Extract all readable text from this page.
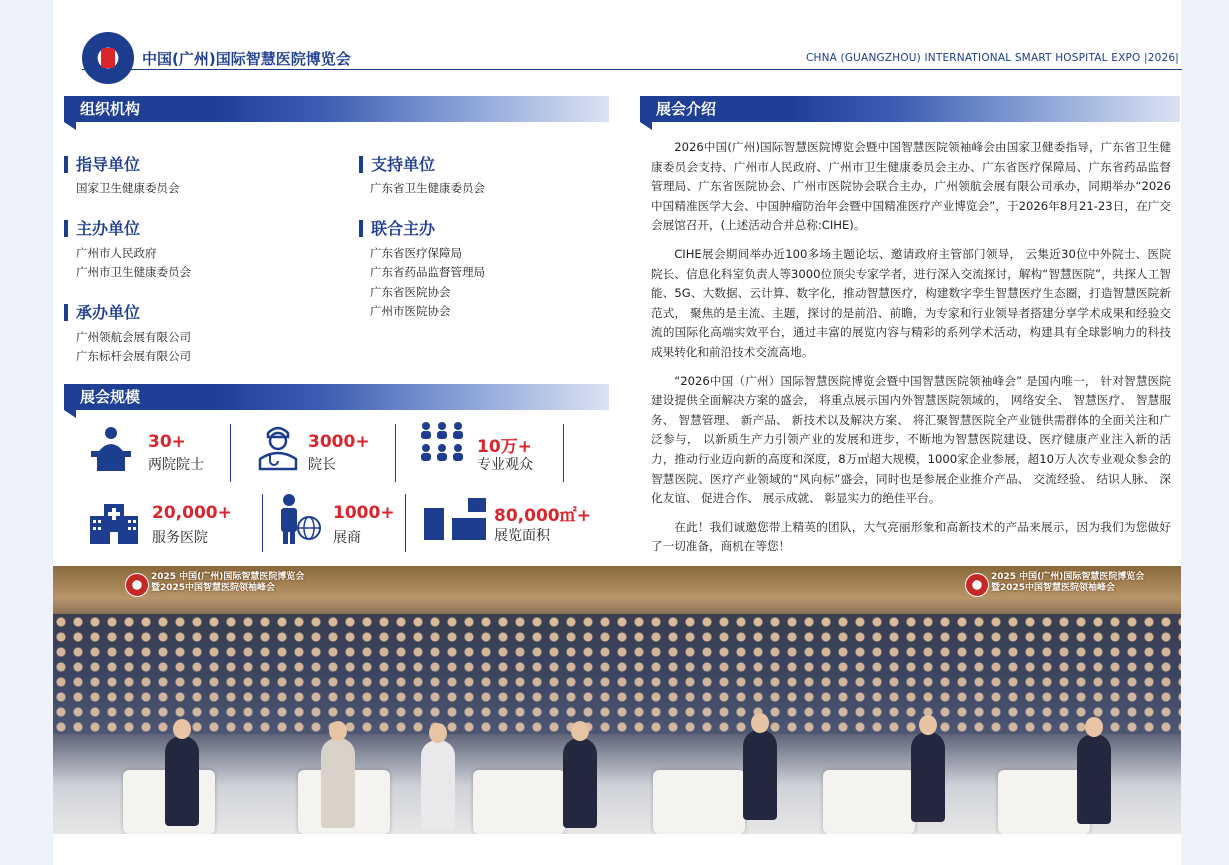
中国(广州)国际智慧医院博览会	CHNA (GUANGZHOU) INTERNATIONAL SMART HOSPITAL EXPO |2026|
组织机构
指导单位
国家卫生健康委员会
支持单位
广东省卫生健康委员会
主办单位
广州市人民政府
广州市卫生健康委员会
联合主办
广东省医疗保障局
广东省药品监督管理局
广东省医院协会
广州市医院协会
承办单位
广州领航会展有限公司
广东标杆会展有限公司
展会规模
30+
两院院士
3000+
院长
10万+
专业观众
20,000+
服务医院
1000+
展商
80,000㎡+
展览面积
展会介绍

2026中国(广州)国际智慧医院博览会暨中国智慧医院领袖峰会由国家卫健委指导，广东省卫生健康委员会支持、广州市人民政府、广州市卫生健康委员会主办、广东省医疗保障局、广东省药品监督管理局、广东省医院协会、广州市医院协会联合主办，广州领航会展有限公司承办，同期举办“2026中国精准医学大会、中国肿瘤防治年会暨中国精准医疗产业博览会”，于2026年8月21-23日，在广交会展馆召开，(上述活动合并总称:CIHE)。

CIHE展会期间举办近100多场主题论坛、邀请政府主管部门领导， 云集近30位中外院士、医院院长、信息化科室负责人等3000位顶尖专家学者，进行深入交流探讨，解构“智慧医院”，共探人工智能、5G、大数据、云计算、数字化，推动智慧医疗，构建数字孪生智慧医疗生态圈，打造智慧医院新范式， 聚焦的是主流、主题，探讨的是前沿、前瞻，为专家和行业领导者搭建分享学术成果和经验交流的国际化高端实效平台，通过丰富的展览内容与精彩的系列学术活动，构建具有全球影响力的科技成果转化和前沿技术交流高地。

“2026中国（广州）国际智慧医院博览会暨中国智慧医院领袖峰会” 是国内唯一， 针对智慧医院建设提供全面解决方案的盛会， 将重点展示国内外智慧医院领域的， 网络安全、 智慧医疗、 智慧服务、 智慧管理、 新产品、 新技术以及解决方案、 将汇聚智慧医院全产业链供需群体的全面关注和广泛参与， 以新质生产力引领产业的发展和进步，不断地为智慧医院建设、医疗健康产业注入新的活力，推动行业迈向新的高度和深度，8万㎡超大规模，1000家企业参展，超10万人次专业观众参会的智慧医院、医疗产业领域的“风向标”盛会，同时也是参展企业推介产品、 交流经验、 结识人脉、 深化友谊、 促进合作、 展示成就、 彰显实力的绝佳平台。

在此！我们诚邀您带上精英的团队，大气亮丽形象和高新技术的产品来展示，因为我们为您做好了一切准备，商机在等您！

2025 中国(广州)国际智慧医院博览会
暨2025中国智慧医院领袖峰会
2025 中国(广州)国际智慧医院博览会
暨2025中国智慧医院领袖峰会
